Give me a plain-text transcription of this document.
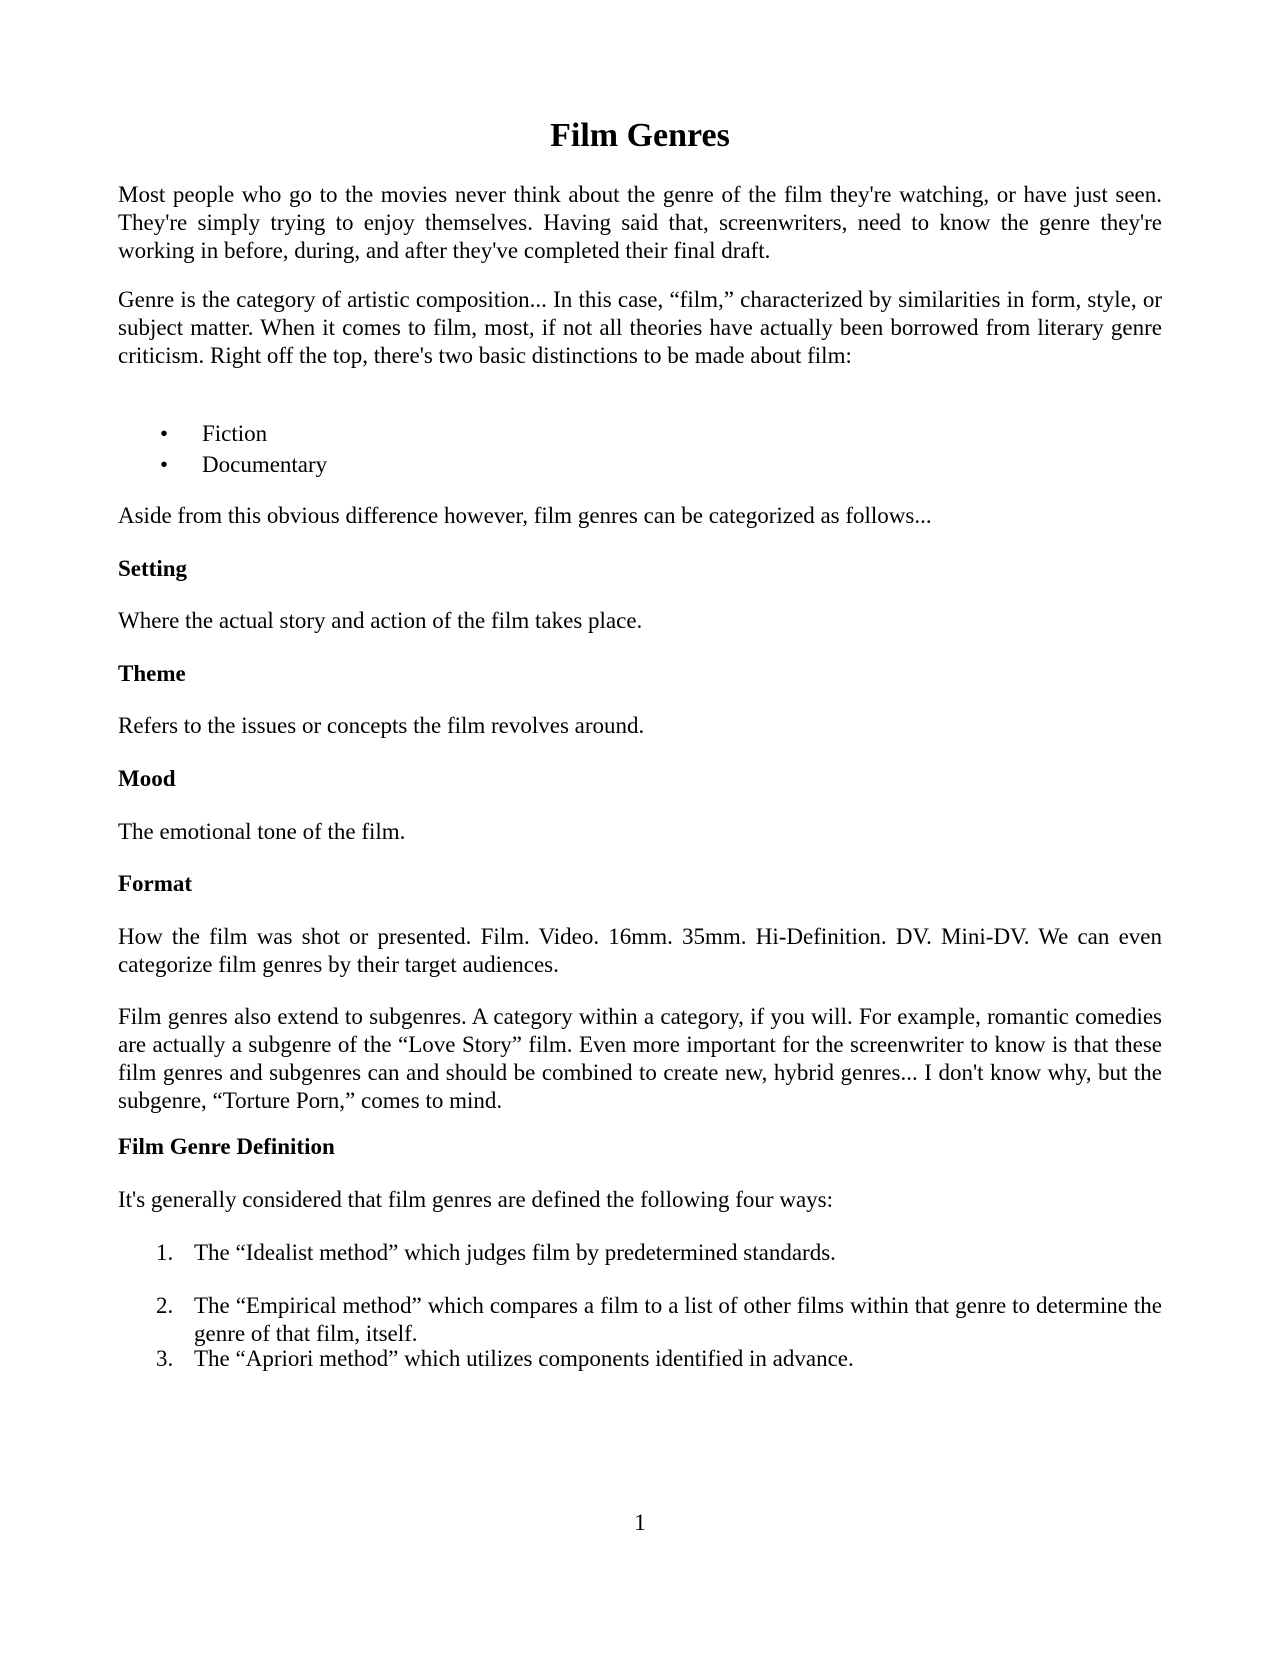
Film Genres

Most people who go to the movies never think about the genre of the film they're watching, or have just seen. They're simply trying to enjoy themselves. Having said that, screenwriters, need to know the genre they're working in before, during, and after they've completed their final draft.

Genre is the category of artistic composition... In this case, “film,” characterized by similarities in form, style, or subject matter. When it comes to film, most, if not all theories have actually been borrowed from literary genre criticism. Right off the top, there's two basic distinctions to be made about film:

• Fiction
• Documentary

Aside from this obvious difference however, film genres can be categorized as follows...

Setting

Where the actual story and action of the film takes place.

Theme

Refers to the issues or concepts the film revolves around.

Mood

The emotional tone of the film.

Format

How the film was shot or presented. Film. Video. 16mm. 35mm. Hi-Definition. DV. Mini-DV. We can even categorize film genres by their target audiences.

Film genres also extend to subgenres. A category within a category, if you will. For example, romantic comedies are actually a subgenre of the “Love Story” film. Even more important for the screenwriter to know is that these film genres and subgenres can and should be combined to create new, hybrid genres... I don't know why, but the subgenre, “Torture Porn,” comes to mind.

Film Genre Definition

It's generally considered that film genres are defined the following four ways:

1. The “Idealist method” which judges film by predetermined standards.
2. The “Empirical method” which compares a film to a list of other films within that genre to determine the genre of that film, itself.
3. The “Apriori method” which utilizes components identified in advance.
1
